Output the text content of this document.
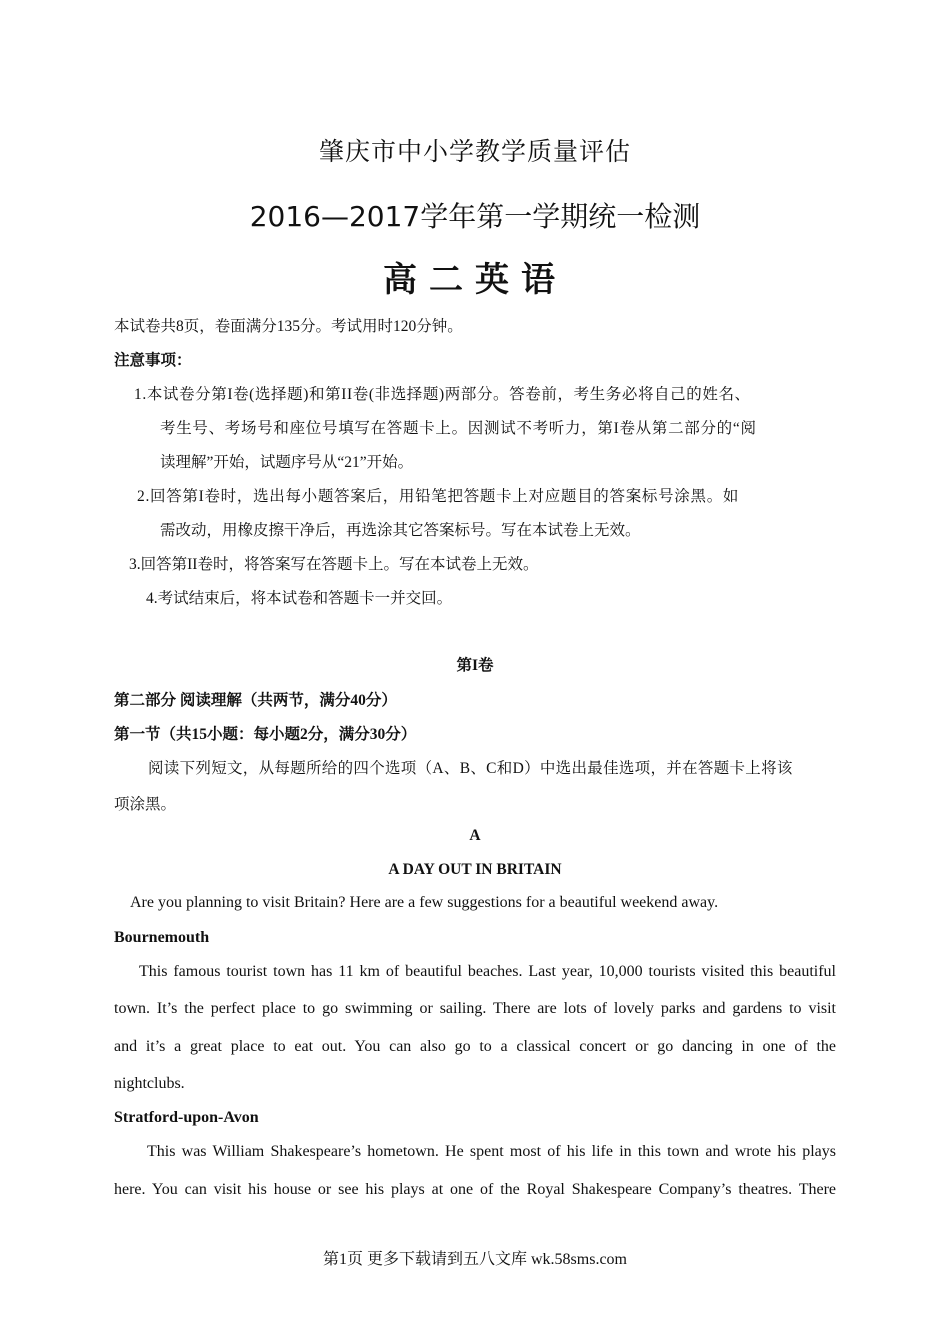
肇庆市中小学教学质量评估
2016—2017学年第一学期统一检测
高二英语
本试卷共8页，卷面满分135分。考试用时120分钟。
注意事项：
1.本试卷分第I卷(选择题)和第II卷(非选择题)两部分。答卷前，考生务必将自己的姓名、
考生号、考场号和座位号填写在答题卡上。因测试不考听力，第I卷从第二部分的“阅
读理解”开始，试题序号从“21”开始。
2.回答第I卷时，选出每小题答案后，用铅笔把答题卡上对应题目的答案标号涂黑。如
需改动，用橡皮擦干净后，再选涂其它答案标号。写在本试卷上无效。
3.回答第II卷时，将答案写在答题卡上。写在本试卷上无效。
4.考试结束后，将本试卷和答题卡一并交回。
第I卷
第二部分 阅读理解（共两节，满分40分）
第一节（共15小题：每小题2分，满分30分）
阅读下列短文，从每题所给的四个选项（A、B、C和D）中选出最佳选项，并在答题卡上将该
项涂黑。
A
A DAY OUT IN BRITAIN
Are you planning to visit Britain? Here are a few suggestions for a beautiful weekend away.
Bournemouth
This famous tourist town has 11 km of beautiful beaches. Last year, 10,000 tourists visited this beautiful
town. It’s the perfect place to go swimming or sailing. There are lots of lovely parks and gardens to visit
and it’s a great place to eat out. You can also go to a classical concert or go dancing in one of the
nightclubs.
Stratford-upon-Avon
This was William Shakespeare’s hometown. He spent most of his life in this town and wrote his plays
here. You can visit his house or see his plays at one of the Royal Shakespeare Company’s theatres. There
第1页 更多下载请到五八文库 wk.58sms.com
